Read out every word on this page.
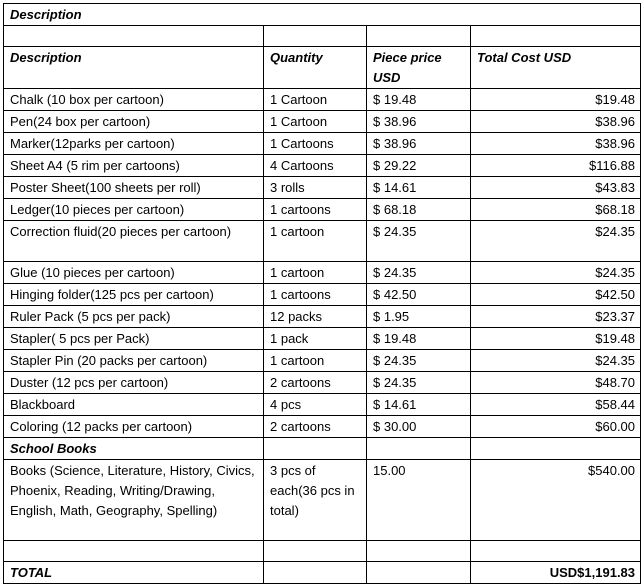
Description			

Description	Quantity	Piece price USD	Total Cost USD
Chalk (10 box per cartoon)	1 Cartoon	$ 19.48	$19.48
Pen(24 box per cartoon)	1 Cartoon	$ 38.96	$38.96
Marker(12parks per cartoon)	1 Cartoons	$ 38.96	$38.96
Sheet A4 (5 rim per cartoons)	4 Cartoons	$ 29.22	$116.88
Poster Sheet(100 sheets per roll)	3 rolls	$ 14.61	$43.83
Ledger(10 pieces per cartoon)	1 cartoons	$ 68.18	$68.18
Correction fluid(20 pieces per cartoon)	1 cartoon	$ 24.35	$24.35
Glue (10 pieces per cartoon)	1 cartoon	$ 24.35	$24.35
Hinging folder(125 pcs per cartoon)	1 cartoons	$ 42.50	$42.50
Ruler Pack (5 pcs per pack)	12 packs	$ 1.95	$23.37
Stapler( 5 pcs per Pack)	1 pack	$ 19.48	$19.48
Stapler Pin (20 packs per cartoon)	1 cartoon	$ 24.35	$24.35
Duster (12 pcs per cartoon)	2 cartoons	$ 24.35	$48.70
Blackboard	4 pcs	$ 14.61	$58.44
Coloring (12 packs per cartoon)	2 cartoons	$ 30.00	$60.00
School Books			
Books (Science, Literature, History, Civics, Phoenix, Reading, Writing/Drawing, English, Math, Geography, Spelling)	3 pcs of each(36 pcs in total)	15.00	$540.00

TOTAL			USD$1,191.83
